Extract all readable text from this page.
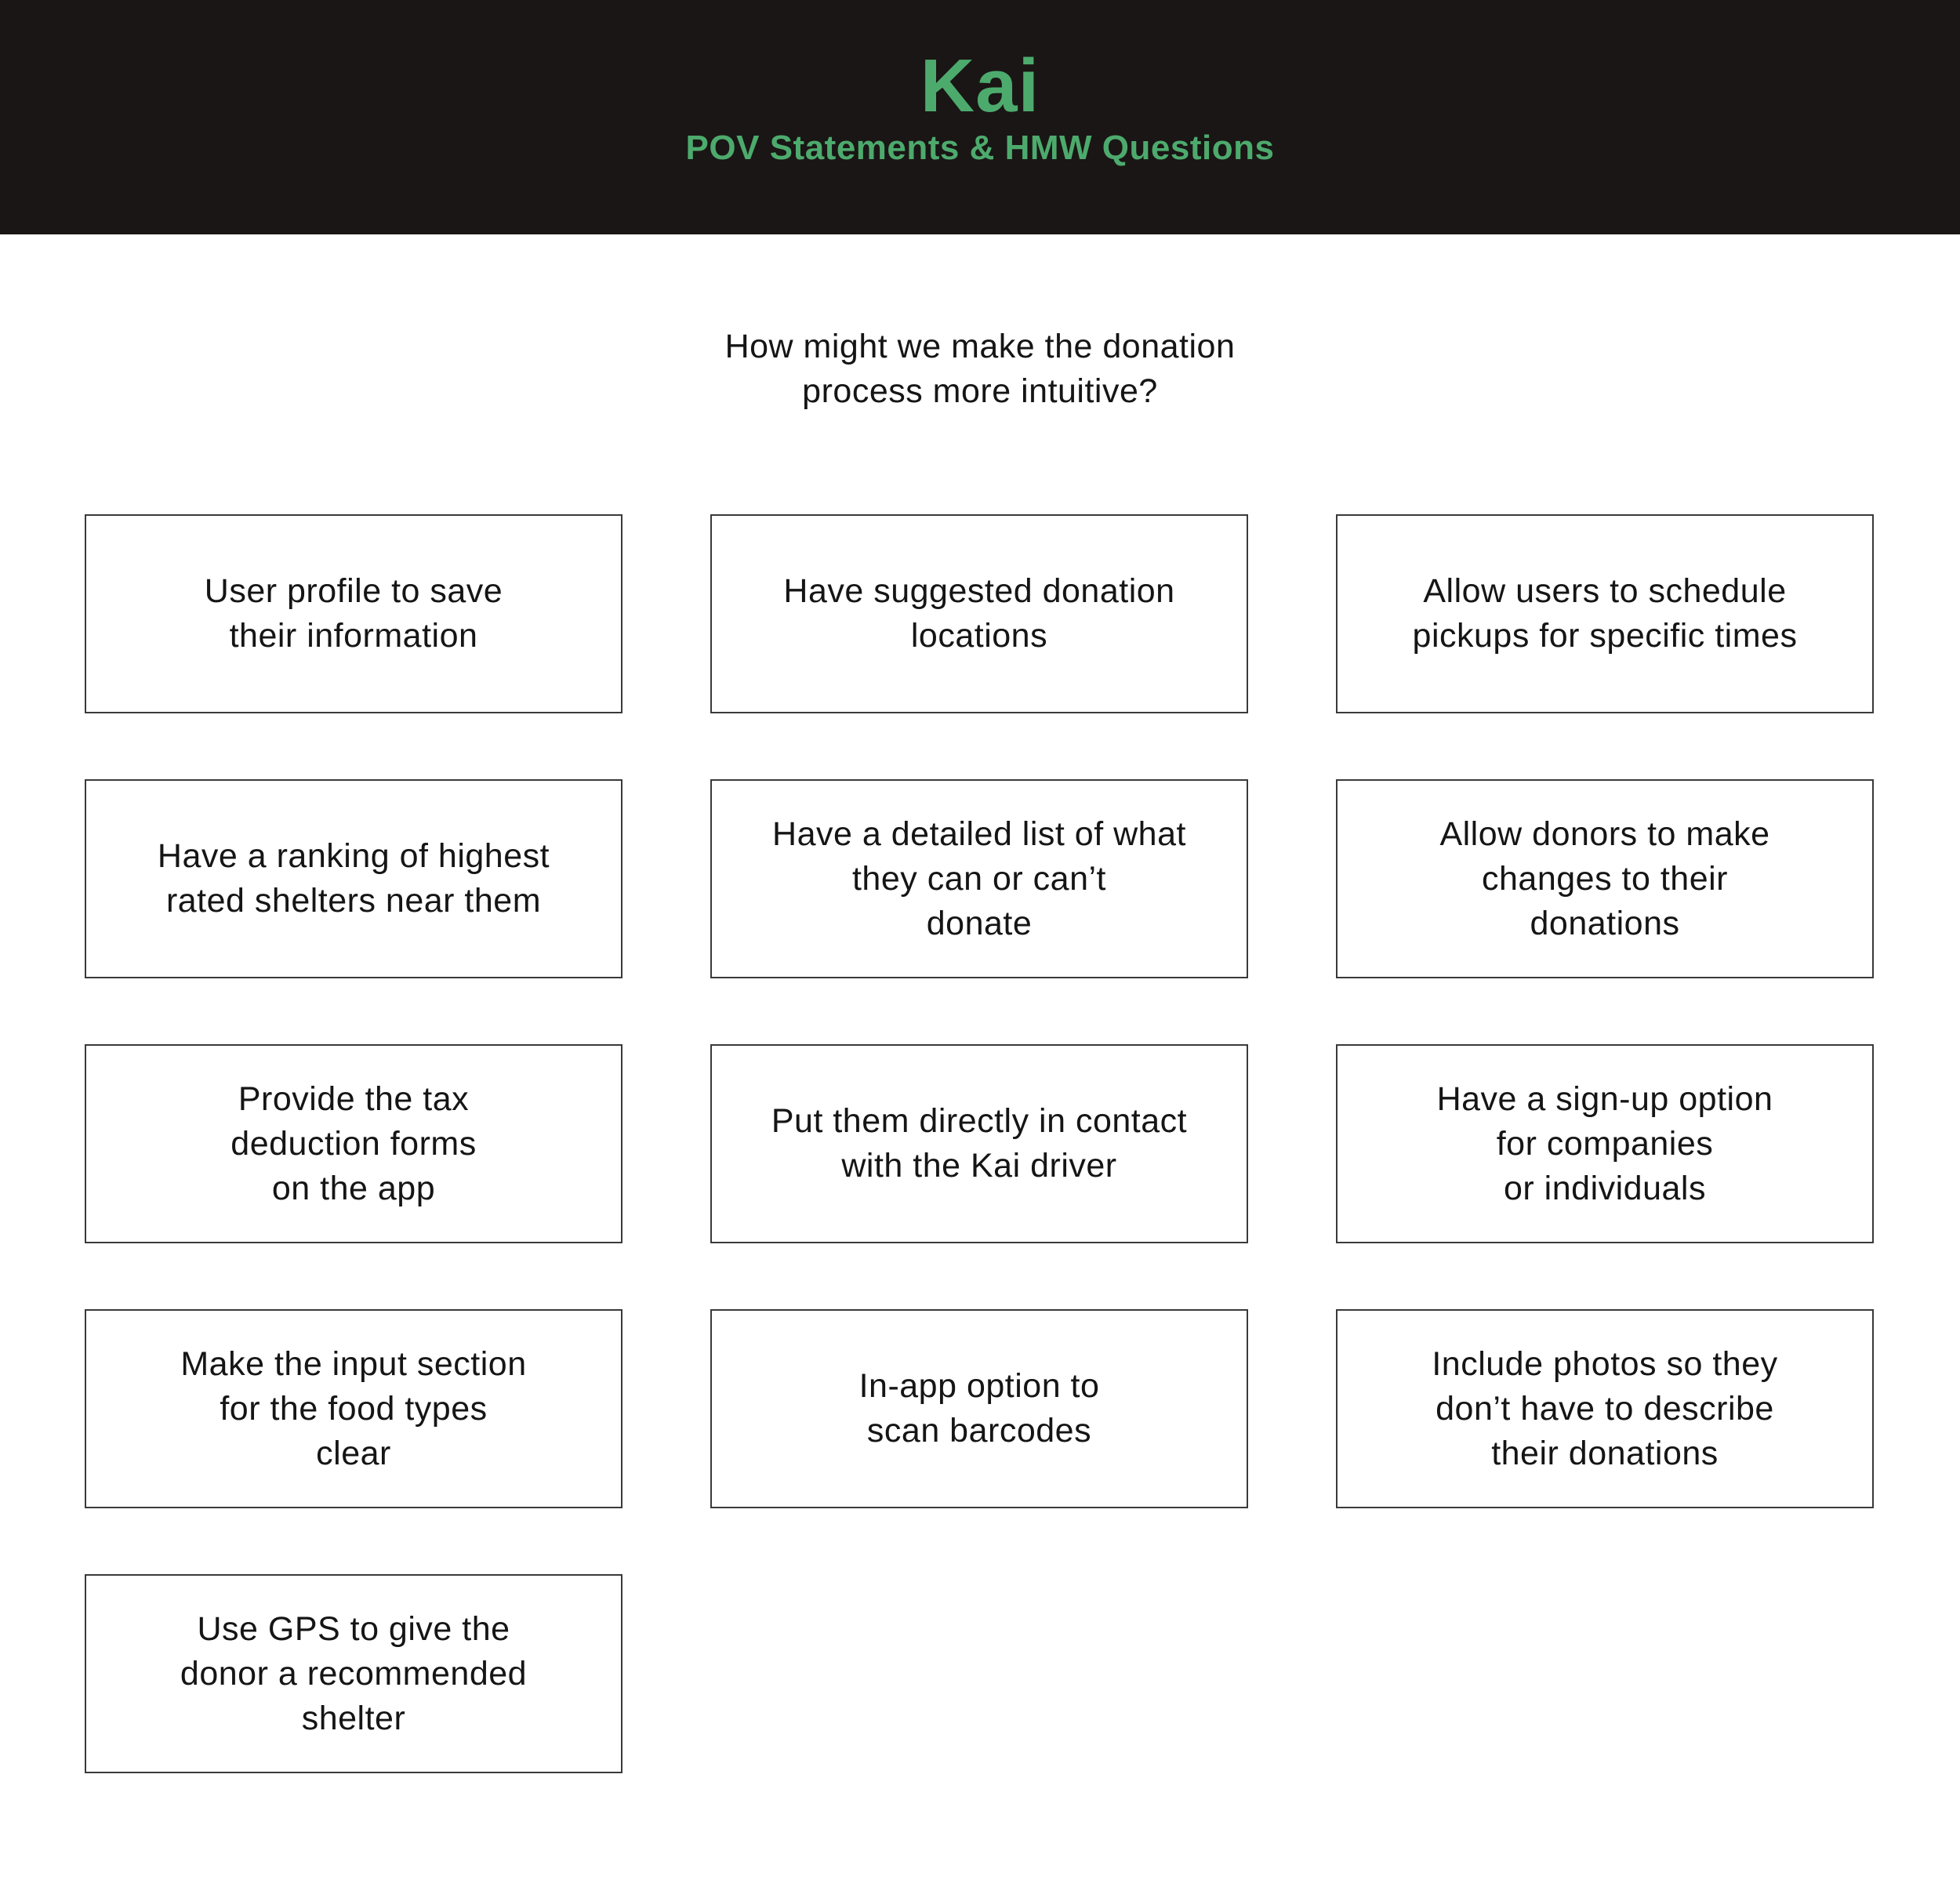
Kai
POV Statements & HMW Questions
How might we make the donation
process more intuitive?
User profile to save
their information
Have suggested donation
locations
Allow users to schedule
pickups for specific times
Have a ranking of highest
rated shelters near them
Have a detailed list of what
they can or can’t
donate
Allow donors to make
changes to their
donations
Provide the tax
deduction forms
on the app
Put them directly in contact
with the Kai driver
Have a sign-up option
for companies
or individuals
Make the input section
for the food types
clear
In-app option to
scan barcodes
Include photos so they
don’t have to describe
their donations
Use GPS to give the
donor a recommended
shelter
